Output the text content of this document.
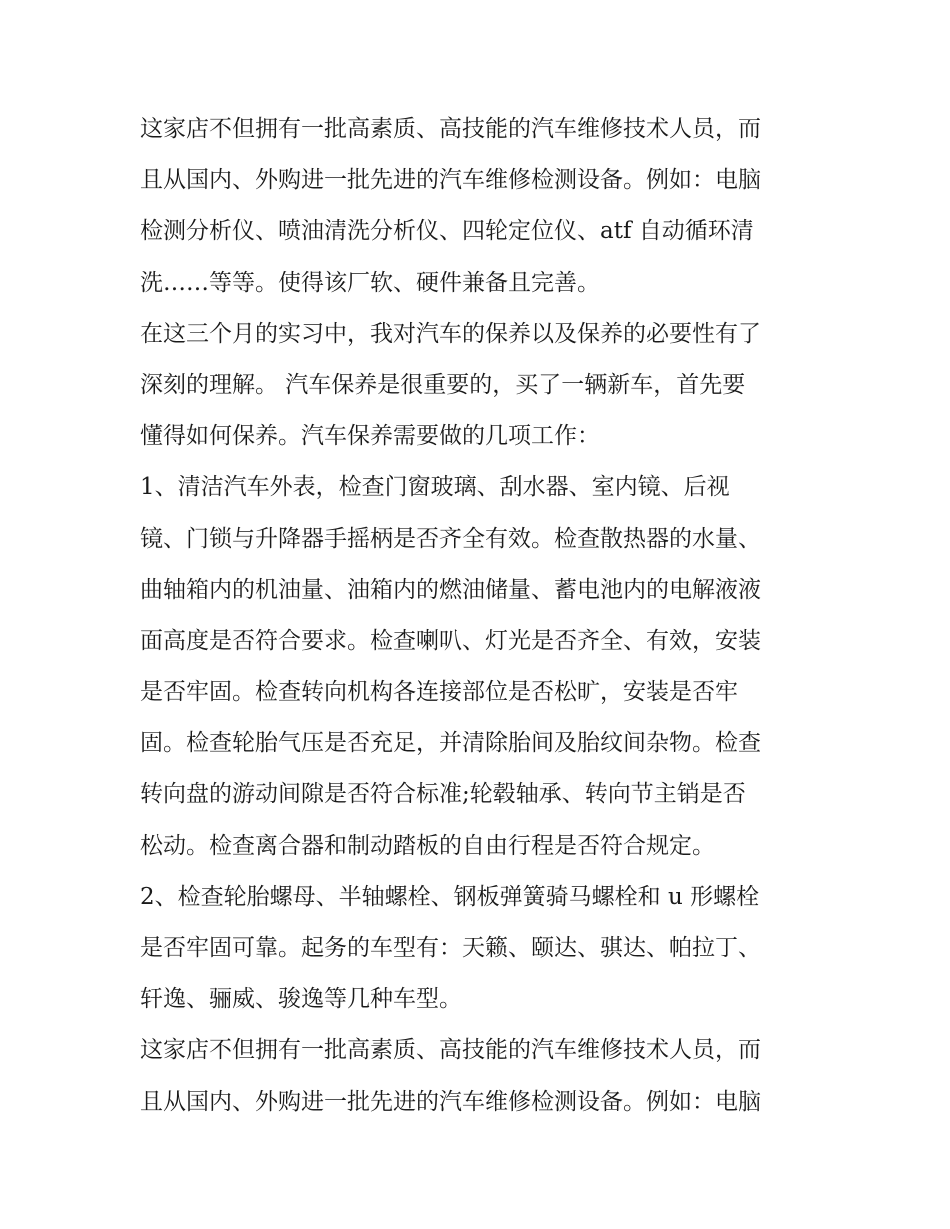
这家店不但拥有一批高素质、高技能的汽车维修技术人员，而
且从国内、外购进一批先进的汽车维修检测设备。例如：电脑
检测分析仪、喷油清洗分析仪、四轮定位仪、atf 自动循环清
洗……等等。使得该厂软、硬件兼备且完善。
在这三个月的实习中，我对汽车的保养以及保养的必要性有了
深刻的理解。 汽车保养是很重要的，买了一辆新车，首先要
懂得如何保养。汽车保养需要做的几项工作：
1、清洁汽车外表，检查门窗玻璃、刮水器、室内镜、后视
镜、门锁与升降器手摇柄是否齐全有效。检查散热器的水量、
曲轴箱内的机油量、油箱内的燃油储量、蓄电池内的电解液液
面高度是否符合要求。检查喇叭、灯光是否齐全、有效，安装
是否牢固。检查转向机构各连接部位是否松旷，安装是否牢
固。检查轮胎气压是否充足，并清除胎间及胎纹间杂物。检查
转向盘的游动间隙是否符合标准;轮毂轴承、转向节主销是否
松动。检查离合器和制动踏板的自由行程是否符合规定。
2、检查轮胎螺母、半轴螺栓、钢板弹簧骑马螺栓和 u 形螺栓
是否牢固可靠。起务的车型有：天籁、颐达、骐达、帕拉丁、
轩逸、骊威、骏逸等几种车型。
这家店不但拥有一批高素质、高技能的汽车维修技术人员，而
且从国内、外购进一批先进的汽车维修检测设备。例如：电脑
